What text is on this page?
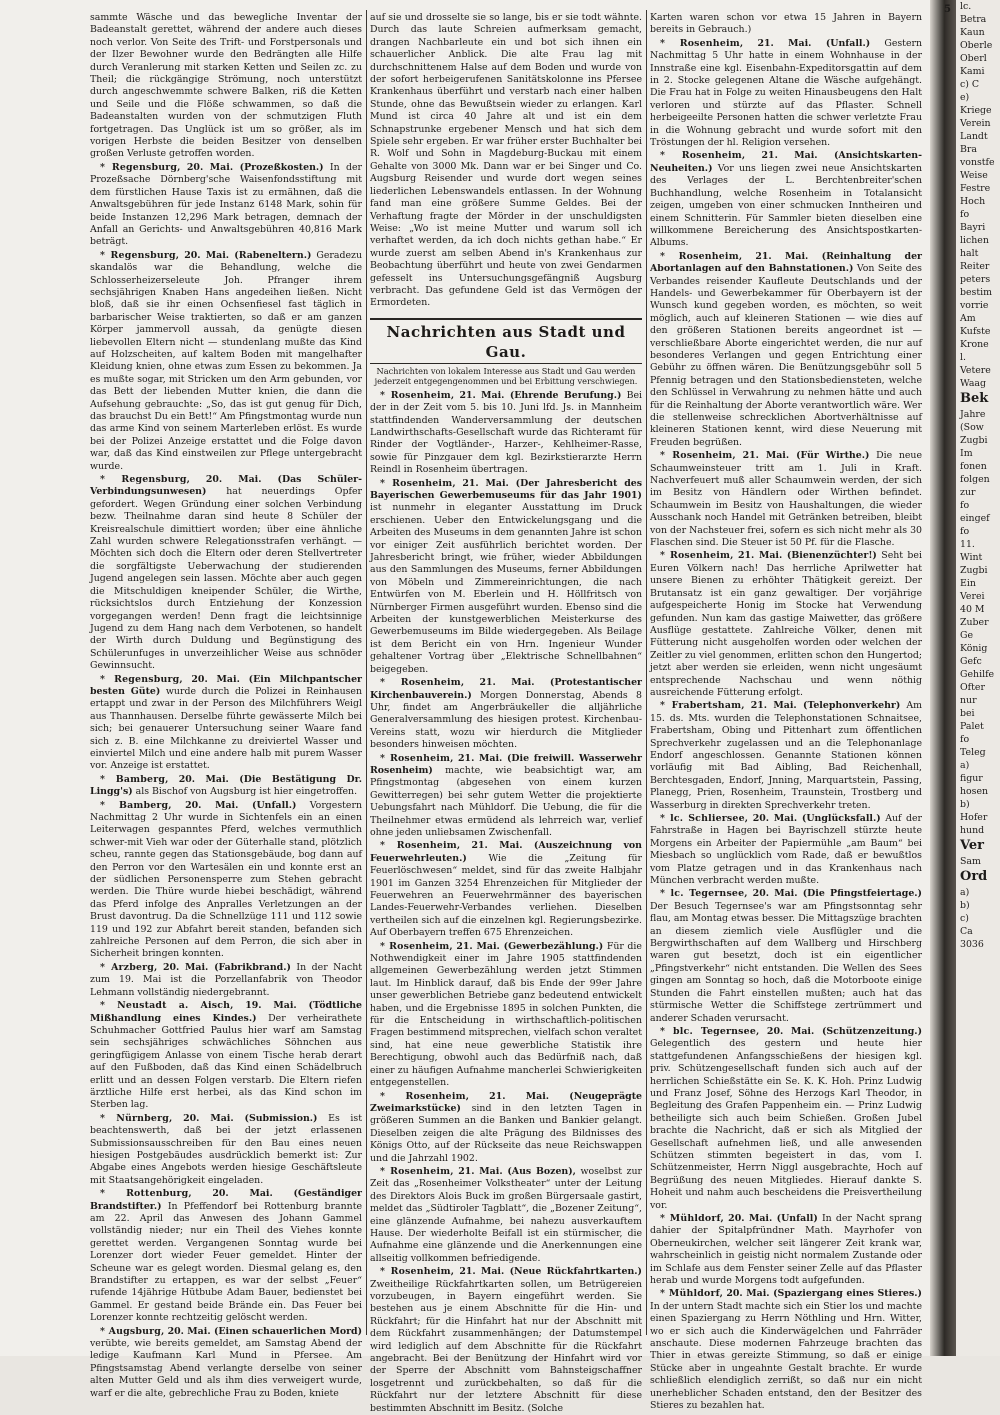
sammte Wäsche und das bewegliche Inventar der Badeanstalt gerettet, während der andere auch dieses noch verlor. Von Seite des Trift- und Forstpersonals und der Ilzer Bewohner wurde den Bedrängten alle Hilfe durch Veranlerung mit starken Ketten und Seilen zc. zu Theil; die rückgängige Strömung, noch unterstützt durch angeschwemmte schwere Balken, riß die Ketten und Seile und die Flöße schwammen, so daß die Badeanstalten wurden von der schmutzigen Fluth fortgetragen. Das Unglück ist um so größer, als im vorigen Herbste die beiden Besitzer von denselben großen Verluste getroffen worden.

* Regensburg, 20. Mai. (Prozeßkosten.) In der Prozeßsache Dörnberg'sche Waisenfondsstiftung mit dem fürstlichen Hause Taxis ist zu ermähnen, daß die Anwaltsgebühren für jede Instanz 6148 Mark, sohin für beide Instanzen 12,296 Mark betragen, demnach der Anfall an Gerichts- und Anwaltsgebühren 40,816 Mark beträgt.

* Regensburg, 20. Mai. (Rabeneltern.) Geradezu skandalös war die Behandlung, welche die Schlosserheizerseleute Joh. Pfranger ihrem sechsjährigen Knaben Hans angedeihen ließen. Nicht bloß, daß sie ihr einen Ochsenfiesel fast täglich in barbarischer Weise traktierten, so daß er am ganzen Körper jammervoll aussah, da genügte diesen liebevollen Eltern nicht — stundenlang mußte das Kind auf Holzscheiten, auf kaltem Boden mit mangelhafter Kleidung knien, ohne etwas zum Essen zu bekommen. Ja es mußte sogar, mit Stricken um den Arm gebunden, vor das Bett der liebenden Mutter knien, die dann die Aufsehung gebrauchte: „So, das ist gut genug für Dich, das brauchst Du ein Bett!“ Am Pfingstmontag wurde nun das arme Kind von seinem Marterleben erlöst. Es wurde bei der Polizei Anzeige erstattet und die Folge davon war, daß das Kind einstweilen zur Pflege untergebracht wurde.

* Regensburg, 20. Mai. (Das Schüler-Verbindungsunwesen) hat neuerdings Opfer gefordert. Wegen Gründung einer solchen Verbindung bezw. Theilnahme daran sind heute 8 Schüler der Kreisrealschule dimittiert worden; über eine ähnliche Zahl wurden schwere Relegationsstrafen verhängt. — Möchten sich doch die Eltern oder deren Stellvertreter die sorgfältigste Ueberwachung der studierenden Jugend angelegen sein lassen. Möchte aber auch gegen die Mitschuldigen kneipender Schüler, die Wirthe, rücksichtslos durch Entziehung der Konzession vorgegangen werden! Denn fragt die leichtsinnige Jugend zu dem Hang nach dem Verbotenen, so handelt der Wirth durch Duldung und Begünstigung des Schülerunfuges in unverzeihlicher Weise aus schnöder Gewinnsucht.

* Regensburg, 20. Mai. (Ein Milchpantscher besten Güte) wurde durch die Polizei in Reinhausen ertappt und zwar in der Person des Milchführers Weigl aus Thannhausen. Derselbe führte gewässerte Milch bei sich; bei genauerer Untersuchung seiner Waare fand sich z. B. eine Milchkanne zu dreiviertel Wasser und einviertel Milch und eine andere halb mit purem Wasser vor. Anzeige ist erstattet.

* Bamberg, 20. Mai. (Die Bestätigung Dr. Lingg's) als Bischof von Augsburg ist hier eingetroffen.

* Bamberg, 20. Mai. (Unfall.) Vorgestern Nachmittag 2 Uhr wurde in Sichtenfels ein an einen Leiterwagen gespanntes Pferd, welches vermuthlich schwer-mit Vieh war oder der Güterhalle stand, plötzlich scheu, rannte gegen das Stationsgebäude, bog dann auf den Perron vor den Wartesälen ein und konnte erst an der südlichen Personensperre zum Stehen gebracht werden. Die Thüre wurde hiebei beschädigt, während das Pferd infolge des Anpralles Verletzungen an der Brust davontrug. Da die Schnellzüge 111 und 112 sowie 119 und 192 zur Abfahrt bereit standen, befanden sich zahlreiche Personen auf dem Perron, die sich aber in Sicherheit bringen konnten.

* Arzberg, 20. Mai. (Fabrikbrand.) In der Nacht zum 19. Mai ist die Porzellanfabrik von Theodor Lehmann vollständig niedergebrannt.

* Neustadt a. Aisch, 19. Mai. (Tödtliche Mißhandlung eines Kindes.) Der verheirathete Schuhmacher Gottfried Paulus hier warf am Samstag sein sechsjähriges schwächliches Söhnchen aus geringfügigem Anlasse von einem Tische herab derart auf den Fußboden, daß das Kind einen Schädelbruch erlitt und an dessen Folgen verstarb. Die Eltern riefen ärztliche Hilfe erst herbei, als das Kind schon im Sterben lag.

* Nürnberg, 20. Mai. (Submission.) Es ist beachtenswerth, daß bei der jetzt erlassenen Submissionsausschreiben für den Bau eines neuen hiesigen Postgebäudes ausdrücklich bemerkt ist: Zur Abgabe eines Angebots werden hiesige Geschäftsleute mit Staatsangehörigkeit eingeladen.

* Rottenburg, 20. Mai. (Geständiger Brandstifter.) In Pfeffendorf bei Rottenburg brannte am 22. April das Anwesen des Johann Gammel vollständig nieder; nur ein Theil des Viehes konnte gerettet werden. Vergangenen Sonntag wurde bei Lorenzer dort wieder Feuer gemeldet. Hinter der Scheune war es gelegt worden. Diesmal gelang es, den Brandstifter zu ertappen, es war der selbst „Feuer“ rufende 14jährige Hütbube Adam Bauer, bedienstet bei Gammel. Er gestand beide Brände ein. Das Feuer bei Lorenzer konnte rechtzeitig gelöscht werden.

* Augsburg, 20. Mai. (Einen schauerlichen Mord) verübte, wie bereits gemeldet, am Samstag Abend der ledige Kaufmann Karl Mund in Pfersee. Am Pfingstsamstag Abend verlangte derselbe von seiner alten Mutter Geld und als ihm dies verweigert wurde, warf er die alte, gebrechliche Frau zu Boden, kniete

auf sie und drosselte sie so lange, bis er sie todt wähnte. Durch das laute Schreien aufmerksam gemacht, drangen Nachbarleute ein und bot sich ihnen ein schauerlicher Anblick. Die alte Frau lag mit durchschnittenem Halse auf dem Boden und wurde von der sofort herbeigerufenen Sanitätskolonne ins Pfersee Krankenhaus überführt und verstarb nach einer halben Stunde, ohne das Bewußtsein wieder zu erlangen. Karl Mund ist circa 40 Jahre alt und ist ein dem Schnapstrunke ergebener Mensch und hat sich dem Spiele sehr ergeben. Er war früher erster Buchhalter bei R. Wolf und Sohn in Magdeburg-Buckau mit einem Gehalte von 3000 Mk. Dann war er bei Singer und Co. Augsburg Reisender und wurde dort wegen seines liederlichen Lebenswandels entlassen. In der Wohnung fand man eine größere Summe Geldes. Bei der Verhaftung fragte der Mörder in der unschuldigsten Weise: „Wo ist meine Mutter und warum soll ich verhaftet werden, da ich doch nichts gethan habe.“ Er wurde zuerst am selben Abend in's Krankenhaus zur Beobachtung überführt und heute von zwei Gendarmen gefesselt ins Untersuchungsgefängniß Augsburg verbracht. Das gefundene Geld ist das Vermögen der Ermordeten.

Nachrichten aus Stadt und Gau.
Nachrichten von lokalem Interesse aus Stadt und Gau werden jederzeit entgegengenommen und bei Erbittung verschwiegen.

* Rosenheim, 21. Mai. (Ehrende Berufung.) Bei der in der Zeit vom 5. bis 10. Juni lfd. Js. in Mannheim stattfindenden Wanderversammlung der deutschen Landwirthschafts-Gesellschaft wurde das Richteramt für Rinder der Vogtländer-, Harzer-, Kehlheimer-Rasse, sowie für Pinzgauer dem kgl. Bezirkstierarzte Herrn Reindl in Rosenheim übertragen.

* Rosenheim, 21. Mai. (Der Jahresbericht des Bayerischen Gewerbemuseums für das Jahr 1901) ist nunmehr in eleganter Ausstattung im Druck erschienen. Ueber den Entwickelungsgang und die Arbeiten des Museums in dem genannten Jahre ist schon vor einiger Zeit ausführlich berichtet worden. Der Jahresbericht bringt, wie früher, wieder Abbildungen aus den Sammlungen des Museums, ferner Abbildungen von Möbeln und Zimmereinrichtungen, die nach Entwürfen von M. Eberlein und H. Höllfritsch von Nürnberger Firmen ausgeführt wurden. Ebenso sind die Arbeiten der kunstgewerblichen Meisterkurse des Gewerbemuseums im Bilde wiedergegeben. Als Beilage ist dem Bericht ein von Hrn. Ingenieur Wunder gehaltener Vortrag über „Elektrische Schnellbahnen“ beigegeben.

* Rosenheim, 21. Mai. (Protestantischer Kirchenbauverein.) Morgen Donnerstag, Abends 8 Uhr, findet am Angerbräukeller die alljährliche Generalversammlung des hiesigen protest. Kirchenbau-Vereins statt, wozu wir hierdurch die Mitglieder besonders hinweisen möchten.

* Rosenheim, 21. Mai. (Die freiwill. Wasserwehr Rosenheim) machte, wie beabsichtigt war, am Pfingstmontag (abgesehen von einem kurzen Gewitterregen) bei sehr gutem Wetter die projektierte Uebungsfahrt nach Mühldorf. Die Uebung, die für die Theilnehmer etwas ermüdend als lehrreich war, verlief ohne jeden unliebsamen Zwischenfall.

* Rosenheim, 21. Mai. (Auszeichnung von Feuerwehrleuten.) Wie die „Zeitung für Feuerlöschwesen“ meldet, sind für das zweite Halbjahr 1901 im Ganzen 3254 Ehrenzeichen für Mitglieder der Feuerwehren an Feuerwehrmänner des bayerischen Landes-Feuerwehr-Verbandes verliehen. Dieselben vertheilen sich auf die einzelnen kgl. Regierungsbezirke. Auf Oberbayern treffen 675 Ehrenzeichen.

* Rosenheim, 21. Mai. (Gewerbezählung.) Für die Nothwendigkeit einer im Jahre 1905 stattfindenden allgemeinen Gewerbezählung werden jetzt Stimmen laut. Im Hinblick darauf, daß bis Ende der 99er Jahre unser gewerblichen Betriebe ganz bedeutend entwickelt haben, und die Ergebnisse 1895 in solchen Punkten, die für die Entscheidung in wirthschaftlich-politischen Fragen bestimmend mitsprechen, vielfach schon veraltet sind, hat eine neue gewerbliche Statistik ihre Berechtigung, obwohl auch das Bedürfniß nach, daß einer zu häufigen Aufnahme mancherlei Schwierigkeiten entgegenstellen.

* Rosenheim, 21. Mai. (Neugeprägte Zweimarkstücke) sind in den letzten Tagen in größeren Summen an die Banken und Bankier gelangt. Dieselben zeigen die alte Prägung des Bildnisses des Königs Otto, auf der Rückseite das neue Reichswappen und die Jahrzahl 1902.

* Rosenheim, 21. Mai. (Aus Bozen), woselbst zur Zeit das „Rosenheimer Volkstheater“ unter der Leitung des Direktors Alois Buck im großen Bürgersaale gastirt, meldet das „Südtiroler Tagblatt“, die „Bozener Zeitung“, eine glänzende Aufnahme, bei nahezu ausverkauftem Hause. Der wiederholte Beifall ist ein stürmischer, die Aufnahme eine glänzende und die Anerkennungen eine allseitig vollkommen befriedigende.

* Rosenheim, 21. Mai. (Neue Rückfahrtkarten.) Zweitheilige Rückfahrtkarten sollen, um Betrügereien vorzubeugen, in Bayern eingeführt werden. Sie bestehen aus je einem Abschnitte für die Hin- und Rückfahrt; für die Hinfahrt hat nur der Abschnitt mit dem Rückfahrt zusammenhängen; der Datumstempel wird lediglich auf dem Abschnitte für die Rückfahrt angebracht. Bei der Benützung der Hinfahrt wird vor der Sperre der Abschnitt vom Bahnsteigschaffner losgetrennt und zurückbehalten, so daß für die Rückfahrt nur der letztere Abschnitt für diese bestimmten Abschnitt im Besitz. (Solche

Karten waren schon vor etwa 15 Jahren in Bayern bereits in Gebrauch.)

* Rosenheim, 21. Mai. (Unfall.) Gestern Nachmittag 5 Uhr hatte in einem Wohnhause in der Innstraße eine kgl. Eisenbahn-Expeditorsgattin auf dem in 2. Stocke gelegenen Altane die Wäsche aufgehängt. Die Frau hat in Folge zu weiten Hinausbeugens den Halt verloren und stürzte auf das Pflaster. Schnell herbeigeeilte Personen hatten die schwer verletzte Frau in die Wohnung gebracht und wurde sofort mit den Tröstungen der hl. Religion versehen.

* Rosenheim, 21. Mai. (Ansichtskarten-Neuheiten.) Vor uns liegen zwei neue Ansichtskarten des Verlages der L. Berchtenbreiter'schen Buchhandlung, welche Rosenheim in Totalansicht zeigen, umgeben von einer schmucken Inntheiren und einem Schnitterin. Für Sammler bieten dieselben eine willkommene Bereicherung des Ansichtspostkarten-Albums.

* Rosenheim, 21. Mai. (Reinhaltung der Abortanlagen auf den Bahnstationen.) Von Seite des Verbandes reisender Kaufleute Deutschlands und der Handels- und Gewerbekammer für Oberbayern ist der Wunsch kund gegeben worden, es möchten, so weit möglich, auch auf kleineren Stationen — wie dies auf den größeren Stationen bereits angeordnet ist — verschließbare Aborte eingerichtet werden, die nur auf besonderes Verlangen und gegen Entrichtung einer Gebühr zu öffnen wären. Die Benützungsgebühr soll 5 Pfennig betragen und den Stationsbediensteten, welche den Schlüssel in Verwahrung zu nehmen hätte und auch für die Reinhaltung der Aborte verantwortlich wäre. Wer die stellenweise schrecklichen Abortverhältnisse auf kleineren Stationen kennt, wird diese Neuerung mit Freuden begrüßen.

* Rosenheim, 21. Mai. (Für Wirthe.) Die neue Schaumweinsteuer tritt am 1. Juli in Kraft. Nachverfeuert muß aller Schaumwein werden, der sich im Besitz von Händlern oder Wirthen befindet. Schaumwein im Besitz von Haushaltungen, die wieder Ausschank noch Handel mit Getränken betreiben, bleibt von der Nachsteuer frei, sofern es sich nicht mehr als 30 Flaschen sind. Die Steuer ist 50 Pf. für die Flasche.

* Rosenheim, 21. Mai. (Bienenzüchter!) Seht bei Euren Völkern nach! Das herrliche Aprilwetter hat unsere Bienen zu erhöhter Thätigkeit gereizt. Der Brutansatz ist ein ganz gewaltiger. Der vorjährige aufgespeicherte Honig im Stocke hat Verwendung gefunden. Nun kam das gastige Maiwetter, das größere Ausflüge gestattete. Zahlreiche Völker, denen mit Fütterung nicht ausgeholfen worden oder welchen der Zeitler zu viel genommen, erlitten schon den Hungertod; jetzt aber werden sie erleiden, wenn nicht ungesäumt entsprechende Nachschau und wenn nöthig ausreichende Fütterung erfolgt.

* Frabertsham, 21. Mai. (Telephonverkehr) Am 15. ds. Mts. wurden die Telephonstationen Schnaitsee, Frabertsham, Obing und Pittenhart zum öffentlichen Sprechverkehr zugelassen und an die Telephonanlage Endorf angeschlossen. Genannte Stationen können vorläufig mit Bad Aibling, Bad Reichenhall, Berchtesgaden, Endorf, Jnning, Marquartstein, Passing, Planegg, Prien, Rosenheim, Traunstein, Trostberg und Wasserburg in direkten Sprechverkehr treten.

* lc. Schliersee, 20. Mai. (Unglücksfall.) Auf der Fahrstraße in Hagen bei Bayrischzell stürzte heute Morgens ein Arbeiter der Papiermühle „am Baum“ bei Miesbach so unglücklich vom Rade, daß er bewußtlos vom Platze getragen und in das Krankenhaus nach München verbracht werden mußte.

* lc. Tegernsee, 20. Mai. (Die Pfingstfeiertage.) Der Besuch Tegernsee's war am Pfingstsonntag sehr flau, am Montag etwas besser. Die Mittagszüge brachten an diesem ziemlich viele Ausflügler und die Bergwirthschaften auf dem Wallberg und Hirschberg waren gut besetzt, doch ist ein eigentlicher „Pfingstverkehr“ nicht entstanden. Die Wellen des Sees gingen am Sonntag so hoch, daß die Motorboote einige Stunden die Fahrt einstellen mußten; auch hat das stürmische Wetter die Schiffstege zertrümmert und anderer Schaden verursacht.

* blc. Tegernsee, 20. Mai. (Schützenzeitung.) Gelegentlich des gestern und heute hier stattgefundenen Anfangsschießens der hiesigen kgl. priv. Schützengesellschaft funden sich auch auf der herrlichen Schießstätte ein Se. K. K. Hoh. Prinz Ludwig und Franz Josef, Söhne des Herzogs Karl Theodor, in Begleitung des Grafen Pappenheim ein. — Prinz Ludwig betheiligte sich auch beim Schießen. Großen Jubel brachte die Nachricht, daß er sich als Mitglied der Gesellschaft aufnehmen ließ, und alle anwesenden Schützen stimmten begeistert in das, vom I. Schützenmeister, Herrn Niggl ausgebrachte, Hoch auf Begrüßung des neuen Mitgliedes. Hierauf dankte S. Hoheit und nahm auch bescheidens die Preisvertheilung vor.

* Mühldorf, 20. Mai. (Unfall) In der Nacht sprang dahier der Spitalpfründner Math. Mayrhofer von Oberneukirchen, welcher seit längerer Zeit krank war, wahrscheinlich in geistig nicht normalem Zustande oder im Schlafe aus dem Fenster seiner Zelle auf das Pflaster herab und wurde Morgens todt aufgefunden.

* Mühldorf, 20. Mai. (Spaziergang eines Stieres.) In der untern Stadt machte sich ein Stier los und machte einen Spaziergang zu Herrn Nöthling und Hrn. Witter, wo er sich auch die Kinderwägelchen und Fahrräder anschaute. Diese modernen Fahrzeuge brachten das Thier in etwas gereizte Stimmung, so daß er einige Stücke aber in ungeahnte Gestalt brachte. Er wurde schließlich elendiglich zerrißt, so daß nur ein nicht unerheblicher Schaden entstand, den der Besitzer des Stieres zu bezahlen hat.

lc.
Betra
Kaun
Oberle
Oberl
Kami
c) C
e)
Kriege
Verein
Landt
Bra
vonstfe
Weise
Festre
Hoch
fo
Bayri
lichen
halt
Reiter
peters
bestim
vorrie
Am
Kufste
Krone
l.
Vetere
Waag
Bek
Jahre
(Sow
Zugbi
Im
fonen
folgen
zur
fo
eingef
fo
11.
Wint
Zugbi
Ein
Verei
40 M
Zuber
Ge
König
Gefc
Gehilfe
Ofter
nur
bei
Palet
fo
Teleg
a)
figur
hosen
b)
Hofer
hund
Ver
Sam
Ord
a)
b)
c)
Ca
3036
5
